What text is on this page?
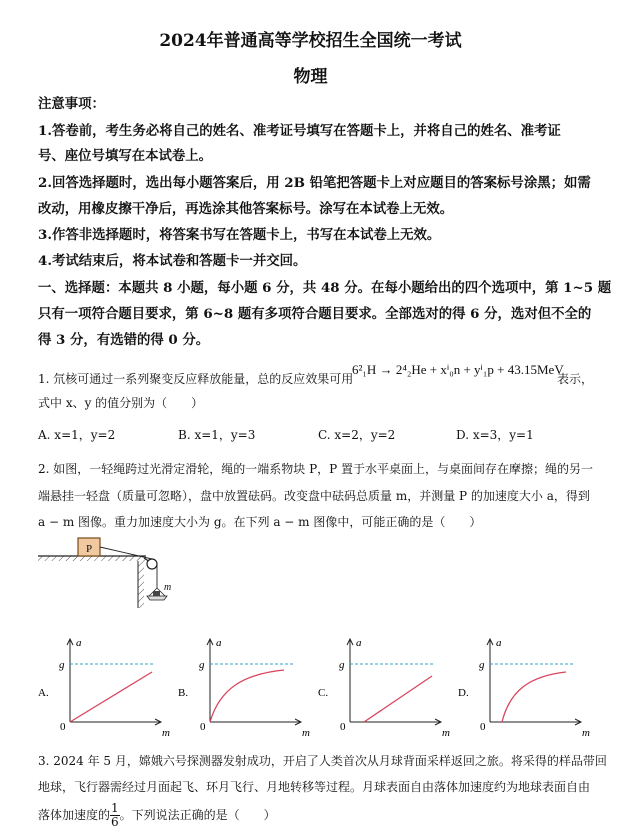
2024年普通高等学校招生全国统一考试
物理
注意事项：
1.答卷前，考生务必将自己的姓名、准考证号填写在答题卡上，并将自己的姓名、准考证
号、座位号填写在本试卷上。
2.回答选择题时，选出每小题答案后，用 2B 铅笔把答题卡上对应题目的答案标号涂黑；如需
改动，用橡皮擦干净后，再选涂其他答案标号。涂写在本试卷上无效。
3.作答非选择题时，将答案书写在答题卡上，书写在本试卷上无效。
4.考试结束后，将本试卷和答题卡一并交回。
一、选择题：本题共 8 小题，每小题 6 分，共 48 分。在每小题给出的四个选项中，第 1~5 题
只有一项符合题目要求，第 6~8 题有多项符合题目要求。全部选对的得 6 分，选对但不全的
得 3 分，有选错的得 0 分。
1. 氘核可通过一系列聚变反应释放能量，总的反应效果可用
6²₁H → 2⁴₂He + xⁱ₀n + yⁱ₁p + 43.15MeV
表示，
式中 x、y 的值分别为（　　）
A. x=1，y=2	B. x=1，y=3	C. x=2，y=2	D. x=3，y=1
2. 如图，一轻绳跨过光滑定滑轮，绳的一端系物块 P，P 置于水平桌面上，与桌面间存在摩擦；绳的另一
端悬挂一轻盘（质量可忽略），盘中放置砝码。改变盘中砝码总质量 m，并测量 P 的加速度大小 a，得到
a − m 图像。重力加速度大小为 g。在下列 a − m 图像中，可能正确的是（　　）
P
m
A.
a
m
g
0
B.
a
m
g
0
C.
a
m
g
0
D.
a
m
g
0
3. 2024 年 5 月，嫦娥六号探测器发射成功，开启了人类首次从月球背面采样返回之旅。将采得的样品带回
地球，飞行器需经过月面起飞、环月飞行、月地转移等过程。月球表面自由落体加速度约为地球表面自由
落体加速度的 $\frac{1}{6}$ 。下列说法正确的是（　　）
